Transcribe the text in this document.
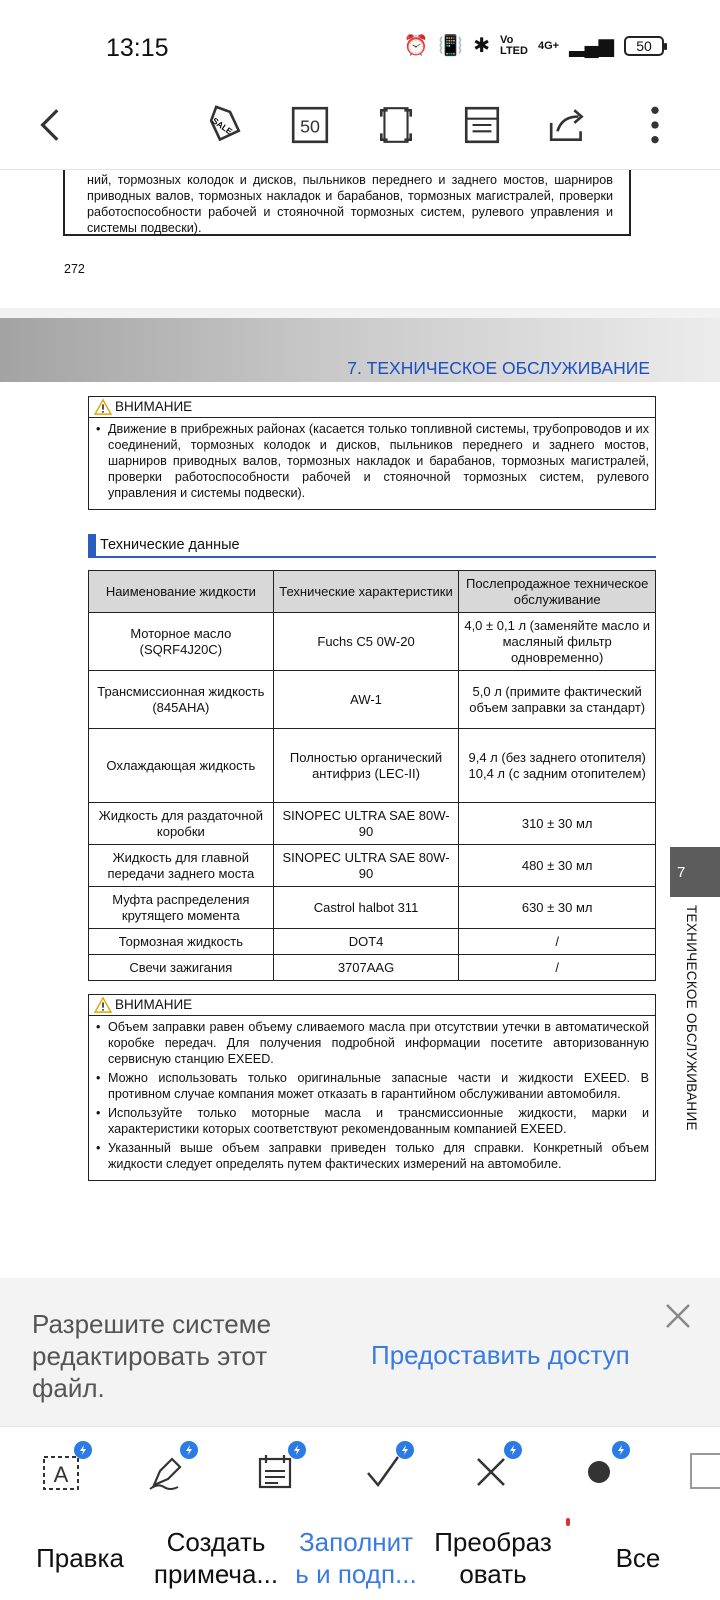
13:15	⏰ 📳 ✱ Vo
LTED 4G+ ▂▄▆	50
SALE	50
ний, тормозных колодок и дисков, пыльников переднего и заднего мостов, шарниров приводных валов, тормозных накладок и барабанов, тормозных магистралей, проверки работоспособности рабочей и стояночной тормозных систем, рулевого управления и системы подвески).
272
7. ТЕХНИЧЕСКОЕ ОБСЛУЖИВАНИЕ
ВНИМАНИЕ
• Движение в прибрежных районах (касается только топливной системы, трубопроводов и их соединений, тормозных колодок и дисков, пыльников переднего и заднего мостов, шарниров приводных валов, тормозных накладок и барабанов, тормозных магистралей, проверки работоспособности рабочей и стояночной тормозных систем, рулевого управления и системы подвески).
Технические данные
Наименование жидкости	Технические характеристики	Послепродажное техническое обслуживание
Моторное масло (SQRF4J20C)	Fuchs C5 0W-20	4,0 ± 0,1 л (заменяйте масло и масляный фильтр одновременно)
Трансмиссионная жидкость (845AHA)	AW-1	5,0 л (примите фактический объем заправки за стандарт)
Охлаждающая жидкость	Полностью органический антифриз (LEC-II)	9,4 л (без заднего отопителя)
10,4 л (с задним отопителем)
Жидкость для раздаточной коробки	SINOPEC ULTRA SAE 80W-90	310 ± 30 мл
Жидкость для главной передачи заднего моста	SINOPEC ULTRA SAE 80W-90	480 ± 30 мл
Муфта распределения крутящего момента	Castrol halbot 311	630 ± 30 мл
Тормозная жидкость	DOT4	/
Свечи зажигания	3707AAG	/
ВНИМАНИЕ
• Объем заправки равен объему сливаемого масла при отсутствии утечки в автоматической коробке передач. Для получения подробной информации посетите авторизованную сервисную станцию EXEED.
• Можно использовать только оригинальные запасные части и жидкости EXEED. В противном случае компания может отказать в гарантийном обслуживании автомобиля.
• Используйте только моторные масла и трансмиссионные жидкости, марки и характеристики которых соответствуют рекомендованным компанией EXEED.
• Указанный выше объем заправки приведен только для справки. Конкретный объем жидкости следует определять путем фактических измерений на автомобиле.
7
ТЕХНИЧЕСКОЕ ОБСЛУЖИВАНИЕ
Разрешите системе редактировать этот файл.
Предоставить доступ
A
Правка
Создать примеча...
Заполнит ь и подп...
Преобраз овать
Все
